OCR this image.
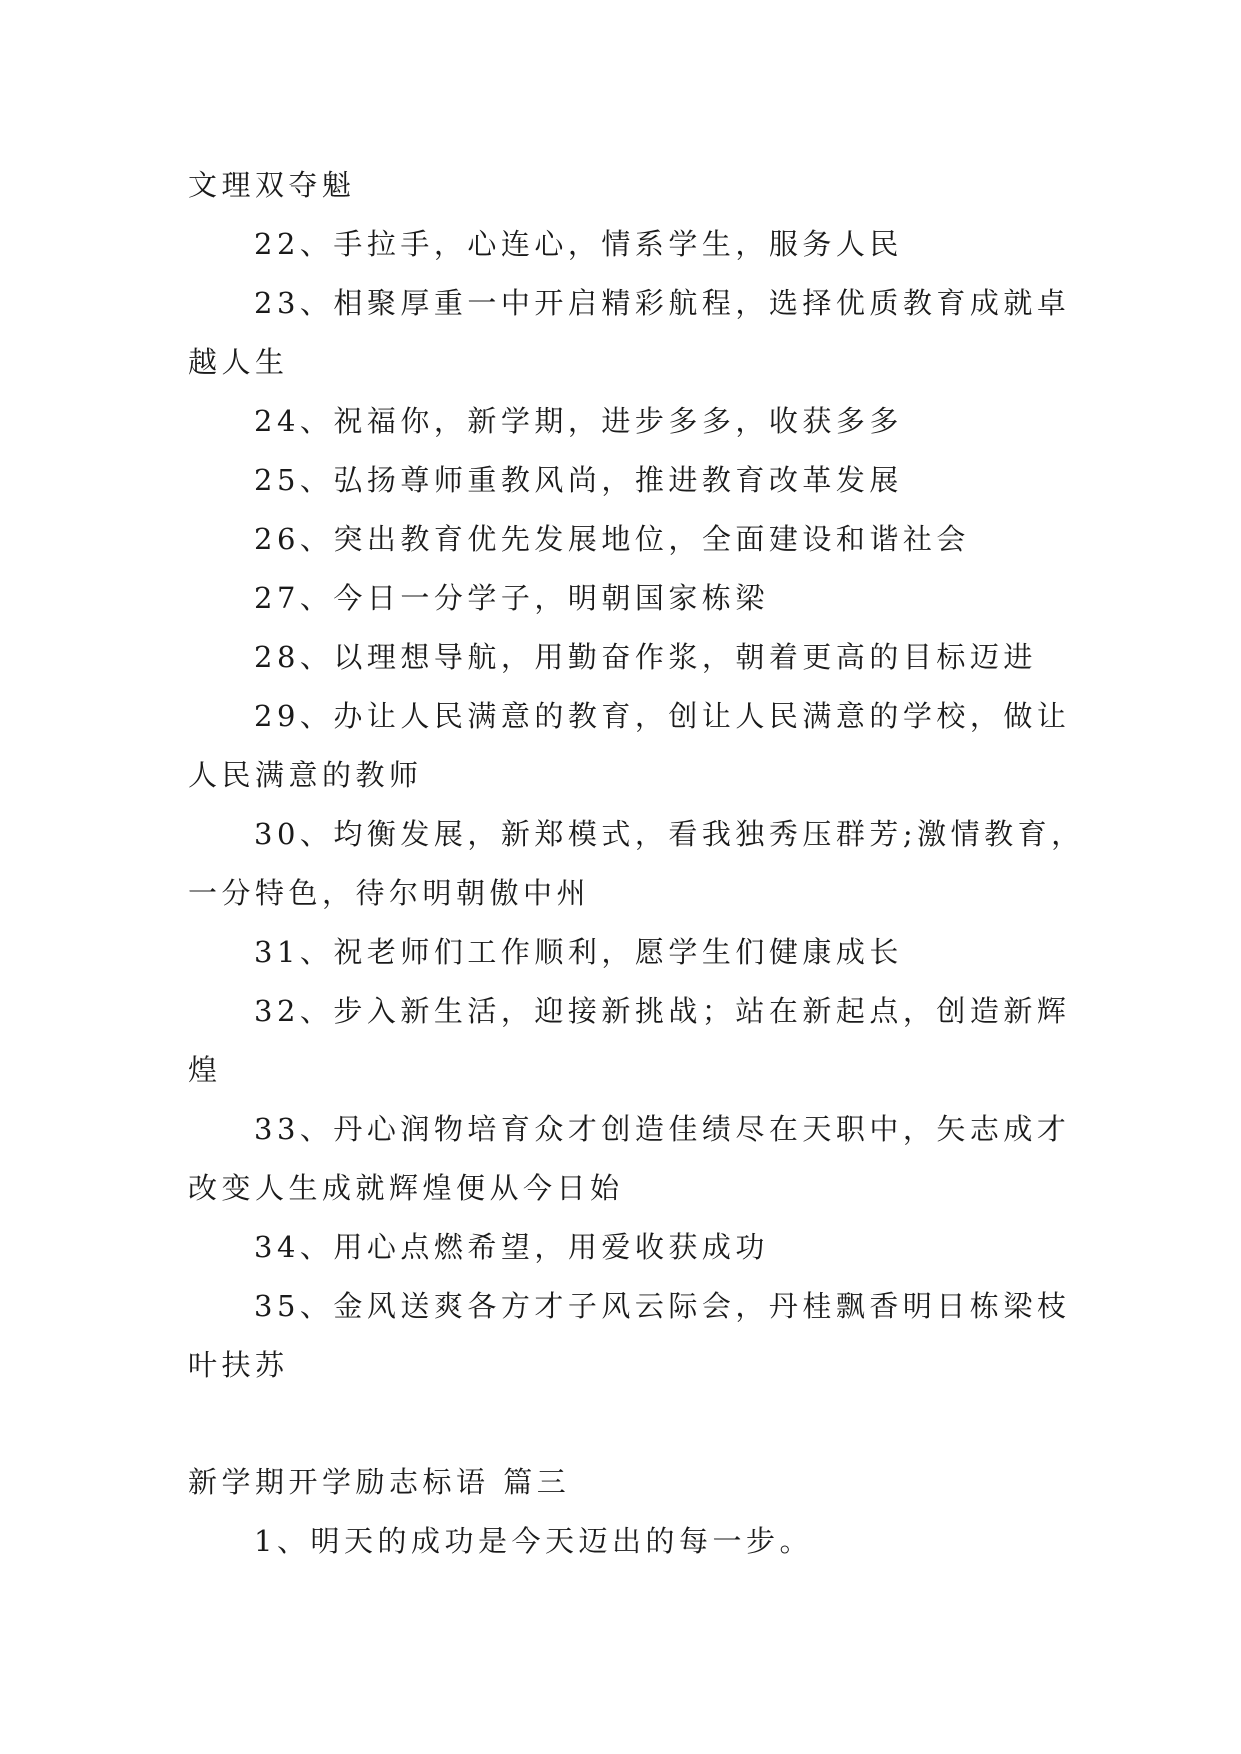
文理双夺魁
22、手拉手，心连心，情系学生，服务人民
23、相聚厚重一中开启精彩航程，选择优质教育成就卓
越人生
24、祝福你，新学期，进步多多，收获多多
25、弘扬尊师重教风尚，推进教育改革发展
26、突出教育优先发展地位，全面建设和谐社会
27、今日一分学子，明朝国家栋梁
28、以理想导航，用勤奋作浆，朝着更高的目标迈进
29、办让人民满意的教育，创让人民满意的学校，做让
人民满意的教师
30、均衡发展，新郑模式，看我独秀压群芳;激情教育，
一分特色，待尔明朝傲中州
31、祝老师们工作顺利，愿学生们健康成长
32、步入新生活，迎接新挑战；站在新起点，创造新辉
煌
33、丹心润物培育众才创造佳绩尽在天职中，矢志成才
改变人生成就辉煌便从今日始
34、用心点燃希望，用爱收获成功
35、金风送爽各方才子风云际会，丹桂飘香明日栋梁枝
叶扶苏
新学期开学励志标语 篇三
1、明天的成功是今天迈出的每一步。
